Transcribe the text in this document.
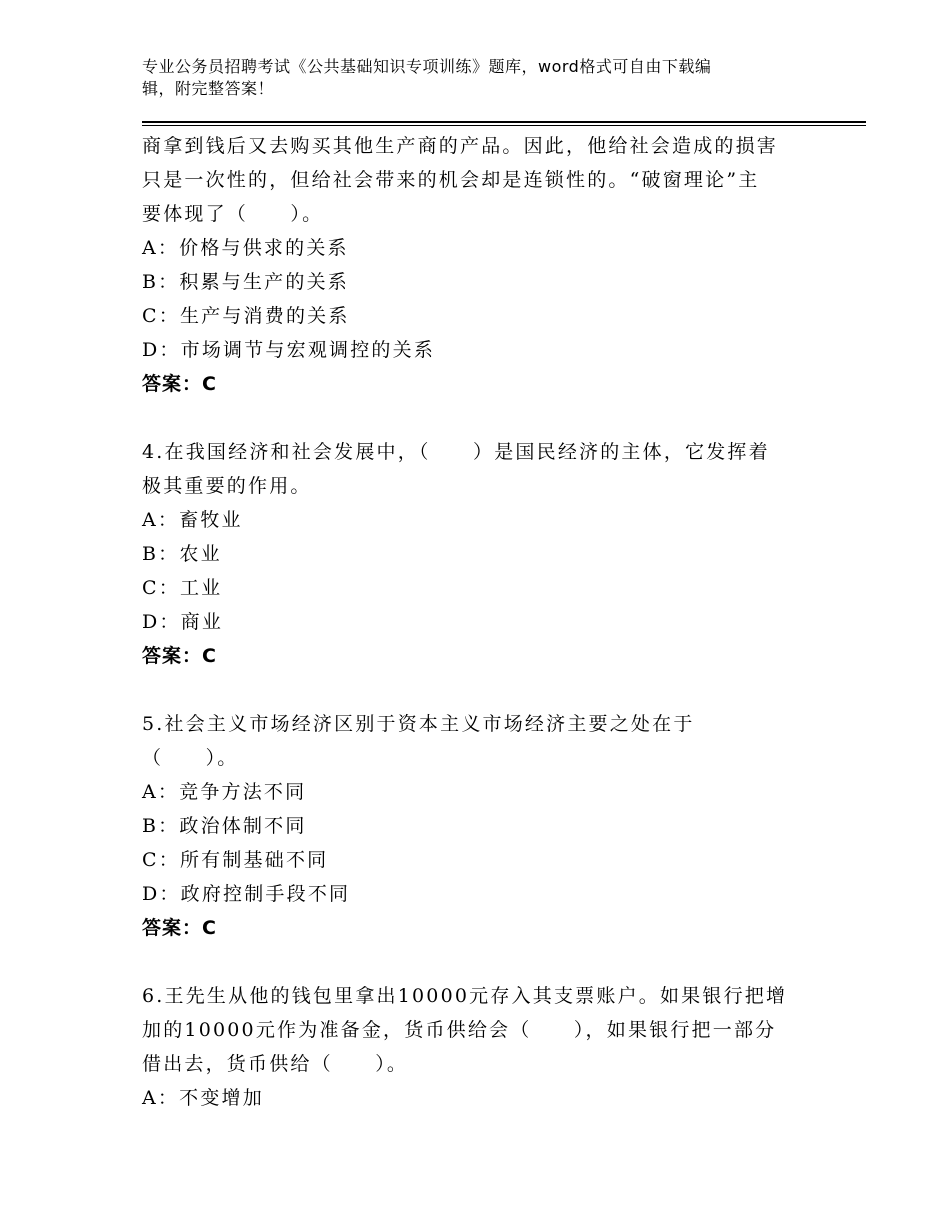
专业公务员招聘考试《公共基础知识专项训练》题库，word格式可自由下载编
辑，附完整答案！
商拿到钱后又去购买其他生产商的产品。因此，他给社会造成的损害
只是一次性的，但给社会带来的机会却是连锁性的。“破窗理论”主
要体现了（　　）。
A：价格与供求的关系
B：积累与生产的关系
C：生产与消费的关系
D：市场调节与宏观调控的关系
答案：C
4.在我国经济和社会发展中，（　　）是国民经济的主体，它发挥着
极其重要的作用。
A：畜牧业
B：农业
C：工业
D：商业
答案：C
5.社会主义市场经济区别于资本主义市场经济主要之处在于
（　　）。
A：竞争方法不同
B：政治体制不同
C：所有制基础不同
D：政府控制手段不同
答案：C
6.王先生从他的钱包里拿出10000元存入其支票账户。如果银行把增
加的10000元作为准备金，货币供给会（　　），如果银行把一部分
借出去，货币供给（　　）。
A：不变增加
